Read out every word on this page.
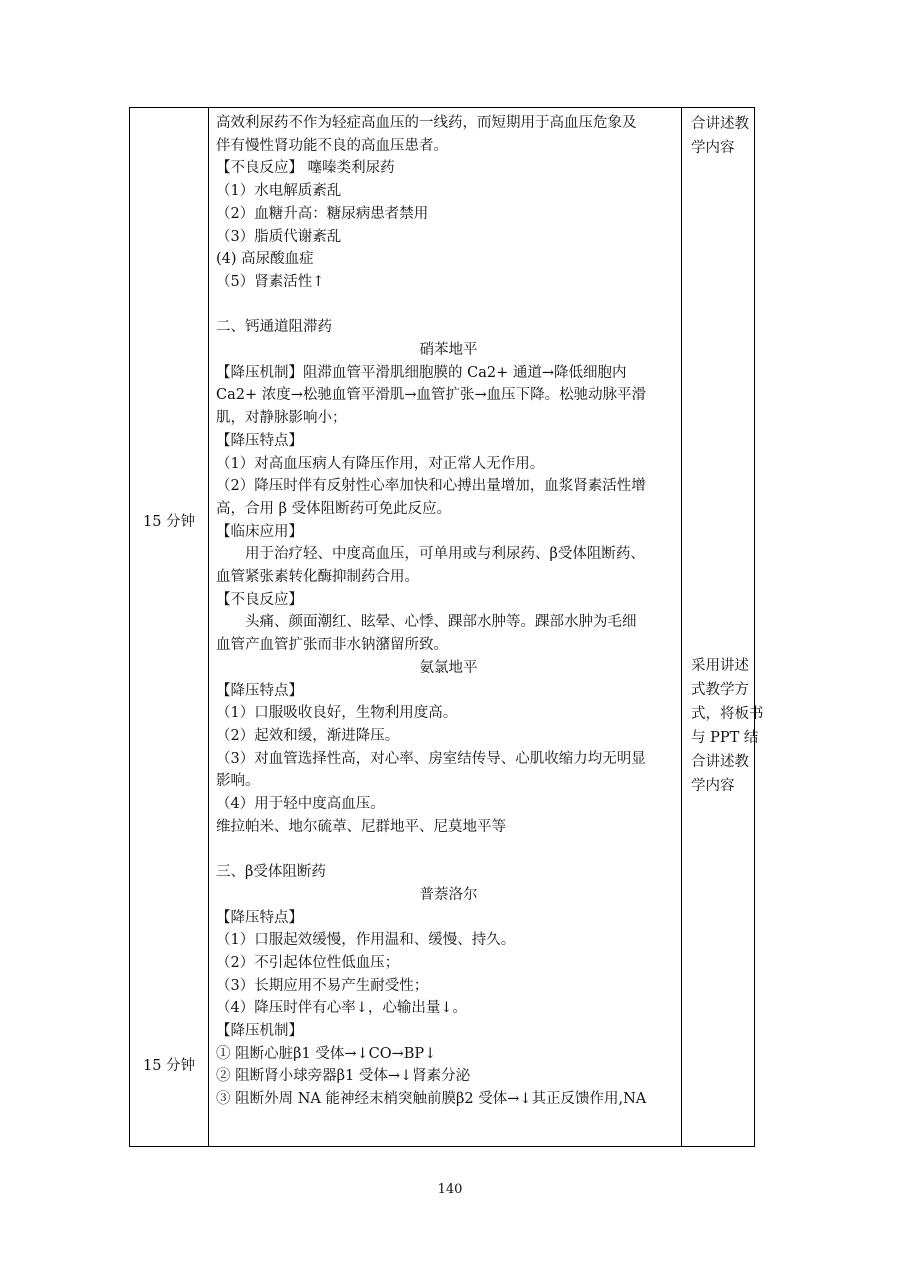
15 分钟
15 分钟
合讲述教
学内容
采用讲述
式教学方
式，将板书
与 PPT 结
合讲述教
学内容
高效利尿药不作为轻症高血压的一线药，而短期用于高血压危象及
伴有慢性肾功能不良的高血压患者。
【不良反应】 噻嗪类利尿药
（1）水电解质紊乱
（2）血糖升高：糖尿病患者禁用
（3）脂质代谢紊乱
(4) 高尿酸血症
（5）肾素活性↑
二、钙通道阻滞药
硝苯地平
【降压机制】阻滞血管平滑肌细胞膜的 Ca2+ 通道→降低细胞内
Ca2+ 浓度→松驰血管平滑肌→血管扩张→血压下降。松驰动脉平滑
肌，对静脉影响小；
【降压特点】
（1）对高血压病人有降压作用，对正常人无作用。
（2）降压时伴有反射性心率加快和心搏出量增加，血浆肾素活性增
高，合用 β 受体阻断药可免此反应。
【临床应用】
用于治疗轻、中度高血压，可单用或与利尿药、β受体阻断药、
血管紧张素转化酶抑制药合用。
【不良反应】
头痛、颜面潮红、眩晕、心悸、踝部水肿等。踝部水肿为毛细
血管产血管扩张而非水钠潴留所致。
氨氯地平
【降压特点】
（1）口服吸收良好，生物利用度高。
（2）起效和缓，渐进降压。
（3）对血管选择性高，对心率、房室结传导、心肌收缩力均无明显
影响。
（4）用于轻中度高血压。
维拉帕米、地尔硫䓬、尼群地平、尼莫地平等
三、β受体阻断药
普萘洛尔
【降压特点】
（1）口服起效缓慢，作用温和、缓慢、持久。
（2）不引起体位性低血压；
（3）长期应用不易产生耐受性；
（4）降压时伴有心率↓，心输出量↓。
【降压机制】
① 阻断心脏β1 受体→↓CO→BP↓
② 阻断肾小球旁器β1 受体→↓肾素分泌
③ 阻断外周 NA 能神经末梢突触前膜β2 受体→↓其正反馈作用,NA
140
